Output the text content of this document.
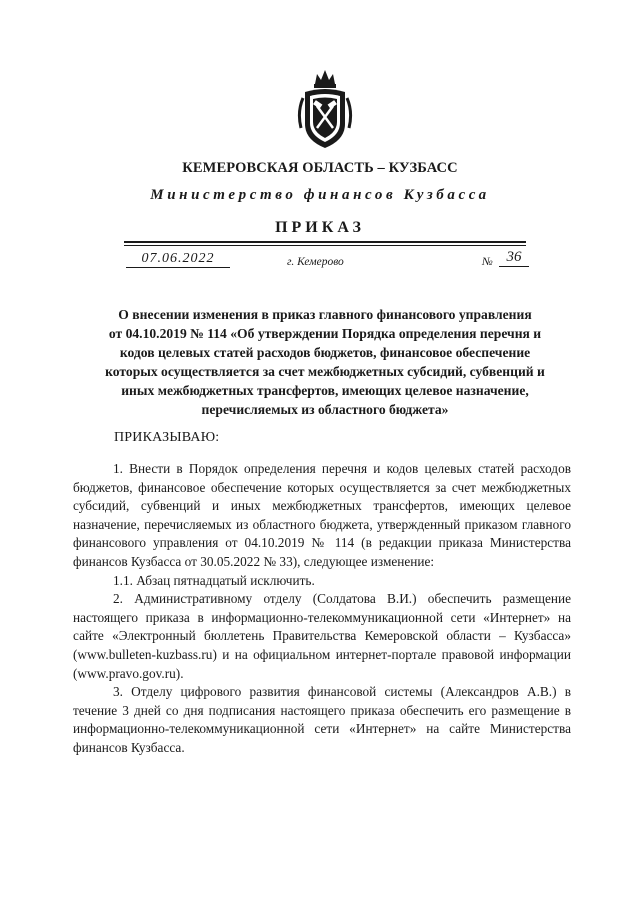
КЕМЕРОВСКАЯ ОБЛАСТЬ – КУЗБАСС
Министерство финансов Кузбасса
ПРИКАЗ
07.06.2022	г. Кемерово	№ 36
О внесении изменения в приказ главного финансового управления
от 04.10.2019 № 114 «Об утверждении Порядка определения перечня и
кодов целевых статей расходов бюджетов, финансовое обеспечение
которых осуществляется за счет межбюджетных субсидий, субвенций и
иных межбюджетных трансфертов, имеющих целевое назначение,
перечисляемых из областного бюджета»
ПРИКАЗЫВАЮ:

1. Внести в Порядок определения перечня и кодов целевых статей расходов бюджетов, финансовое обеспечение которых осуществляется за счет межбюджетных субсидий, субвенций и иных межбюджетных трансфертов, имеющих целевое назначение, перечисляемых из областного бюджета, утвержденный приказом главного финансового управления от 04.10.2019 № 114 (в редакции приказа Министерства финансов Кузбасса от 30.05.2022 № 33), следующее изменение:

1.1. Абзац пятнадцатый исключить.

2. Административному отделу (Солдатова В.И.) обеспечить размещение настоящего приказа в информационно-телекоммуникационной сети «Интернет» на сайте «Электронный бюллетень Правительства Кемеровской области – Кузбасса» (www.bulleten-kuzbass.ru) и на официальном интернет-портале правовой информации (www.pravo.gov.ru).

3. Отделу цифрового развития финансовой системы (Александров А.В.) в течение 3 дней со дня подписания настоящего приказа обеспечить его размещение в информационно-телекоммуникационной сети «Интернет» на сайте Министерства финансов Кузбасса.
